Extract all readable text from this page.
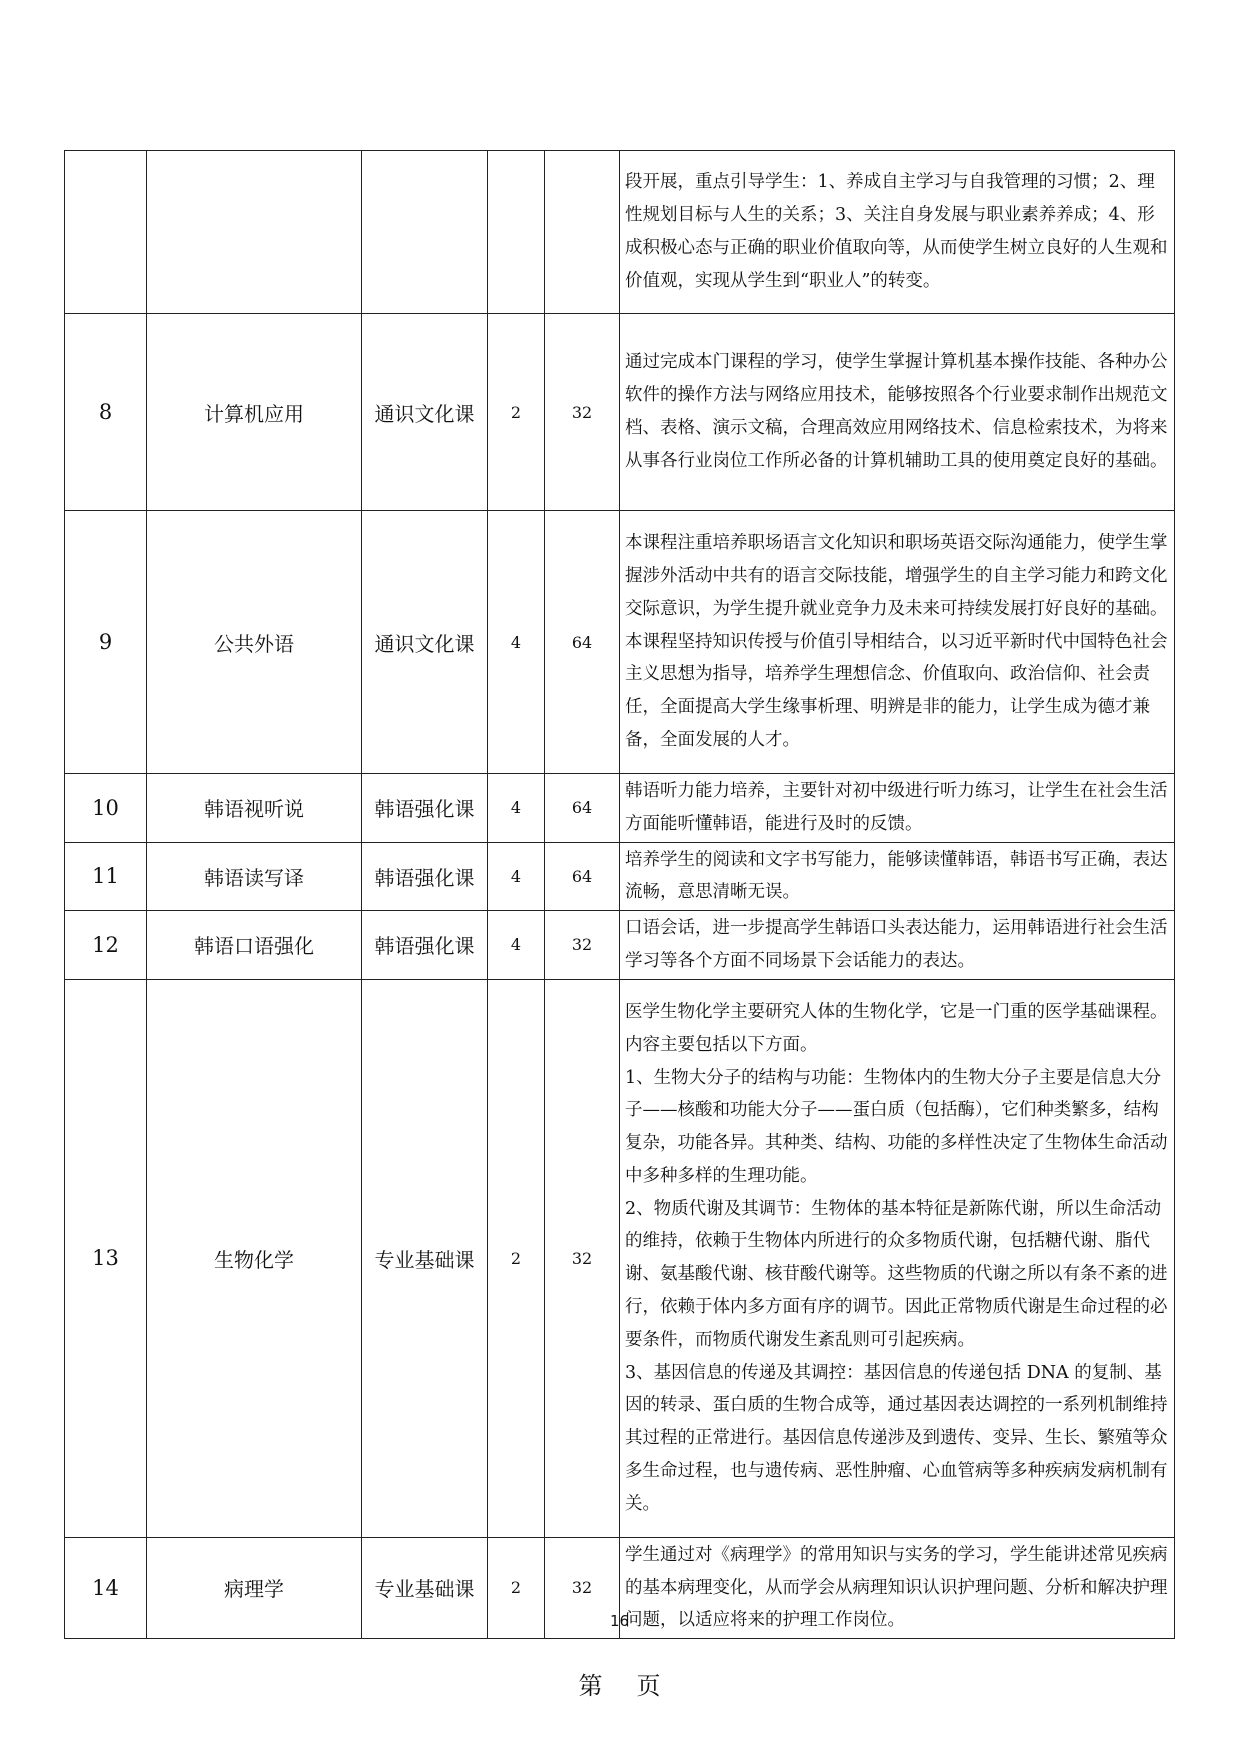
					段开展，重点引导学生：1、养成自主学习与自我管理的习惯；2、理性规划目标与人生的关系；3、关注自身发展与职业素养养成；4、形成积极心态与正确的职业价值取向等，从而使学生树立良好的人生观和价值观，实现从学生到“职业人”的转变。
8	计算机应用	通识文化课	2	32	通过完成本门课程的学习，使学生掌握计算机基本操作技能、各种办公软件的操作方法与网络应用技术，能够按照各个行业要求制作出规范文档、表格、演示文稿，合理高效应用网络技术、信息检索技术，为将来从事各行业岗位工作所必备的计算机辅助工具的使用奠定良好的基础。
9	公共外语	通识文化课	4	64	本课程注重培养职场语言文化知识和职场英语交际沟通能力，使学生掌握涉外活动中共有的语言交际技能，增强学生的自主学习能力和跨文化交际意识，为学生提升就业竞争力及未来可持续发展打好良好的基础。本课程坚持知识传授与价值引导相结合，以习近平新时代中国特色社会主义思想为指导，培养学生理想信念、价值取向、政治信仰、社会责任，全面提高大学生缘事析理、明辨是非的能力，让学生成为德才兼备，全面发展的人才。
10	韩语视听说	韩语强化课	4	64	韩语听力能力培养，主要针对初中级进行听力练习，让学生在社会生活方面能听懂韩语，能进行及时的反馈。
11	韩语读写译	韩语强化课	4	64	培养学生的阅读和文字书写能力，能够读懂韩语，韩语书写正确，表达流畅，意思清晰无误。
12	韩语口语强化	韩语强化课	4	32	口语会话，进一步提高学生韩语口头表达能力，运用韩语进行社会生活学习等各个方面不同场景下会话能力的表达。
13	生物化学	专业基础课	2	32	医学生物化学主要研究人体的生物化学，它是一门重的医学基础课程。内容主要包括以下方面。
1、生物大分子的结构与功能：生物体内的生物大分子主要是信息大分子——核酸和功能大分子——蛋白质（包括酶），它们种类繁多，结构复杂，功能各异。其种类、结构、功能的多样性决定了生物体生命活动中多种多样的生理功能。
2、物质代谢及其调节：生物体的基本特征是新陈代谢，所以生命活动的维持，依赖于生物体内所进行的众多物质代谢，包括糖代谢、脂代谢、氨基酸代谢、核苷酸代谢等。这些物质的代谢之所以有条不紊的进行，依赖于体内多方面有序的调节。因此正常物质代谢是生命过程的必要条件，而物质代谢发生紊乱则可引起疾病。
3、基因信息的传递及其调控：基因信息的传递包括 DNA 的复制、基因的转录、蛋白质的生物合成等，通过基因表达调控的一系列机制维持其过程的正常进行。基因信息传递涉及到遗传、变异、生长、繁殖等众多生命过程，也与遗传病、恶性肿瘤、心血管病等多种疾病发病机制有关。
14	病理学	专业基础课	2	32	学生通过对《病理学》的常用知识与实务的学习，学生能讲述常见疾病的基本病理变化，从而学会从病理知识认识护理问题、分析和解决护理问题，以适应将来的护理工作岗位。
16
第 页
